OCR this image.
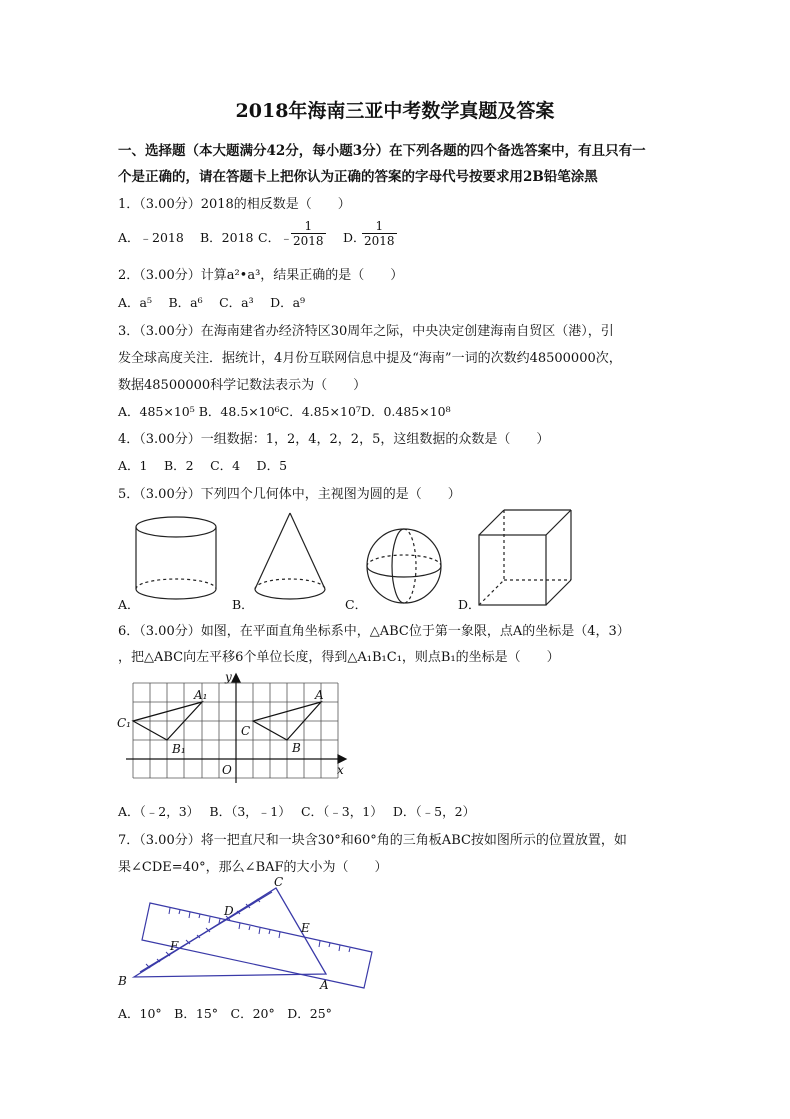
2018年海南三亚中考数学真题及答案
一、选择题（本大题满分42分，每小题3分）在下列各题的四个备选答案中，有且只有一
个是正确的，请在答题卡上把你认为正确的答案的字母代号按要求用2B铅笔涂黑
1．（3.00分）2018的相反数是（　　）
A．﹣2018 B．2018 C．﹣
$\frac{1}{2018}$ D．
$\frac{1}{2018}$
2．（3.00分）计算a²•a³，结果正确的是（　　）
A．a⁵　 B．a⁶　 C．a³　 D．a⁹
3．（3.00分）在海南建省办经济特区30周年之际，中央决定创建海南自贸区（港），引
发全球高度关注．据统计，4月份互联网信息中提及“海南”一词的次数约48500000次，
数据48500000科学记数法表示为（　　）
A．485×10⁵ B．48.5×10⁶C．4.85×10⁷D．0.485×10⁸
4．（3.00分）一组数据：1，2，4，2，2，5，这组数据的众数是（　　）
A．1　 B．2　 C．4　 D．5
5．（3.00分）下列四个几何体中，主视图为圆的是（　　）
A．	B．	C．	D．
6．（3.00分）如图，在平面直角坐标系中，△ABC位于第一象限，点A的坐标是（4，3）
，把△ABC向左平移6个单位长度，得到△A₁B₁C₁，则点B₁的坐标是（　　）
A₁
C₁
B₁
A
C
B
O	x
y
A．（﹣2，3）　 B．（3，﹣1）　 C．（﹣3，1）　 D．（﹣5，2）
7．（3.00分）将一把直尺和一块含30°和60°角的三角板ABC按如图所示的位置放置，如
果∠CDE=40°，那么∠BAF的大小为（　　）
C
D
E
F
B	A
A．10°　B．15°　C．20°　D．25°
